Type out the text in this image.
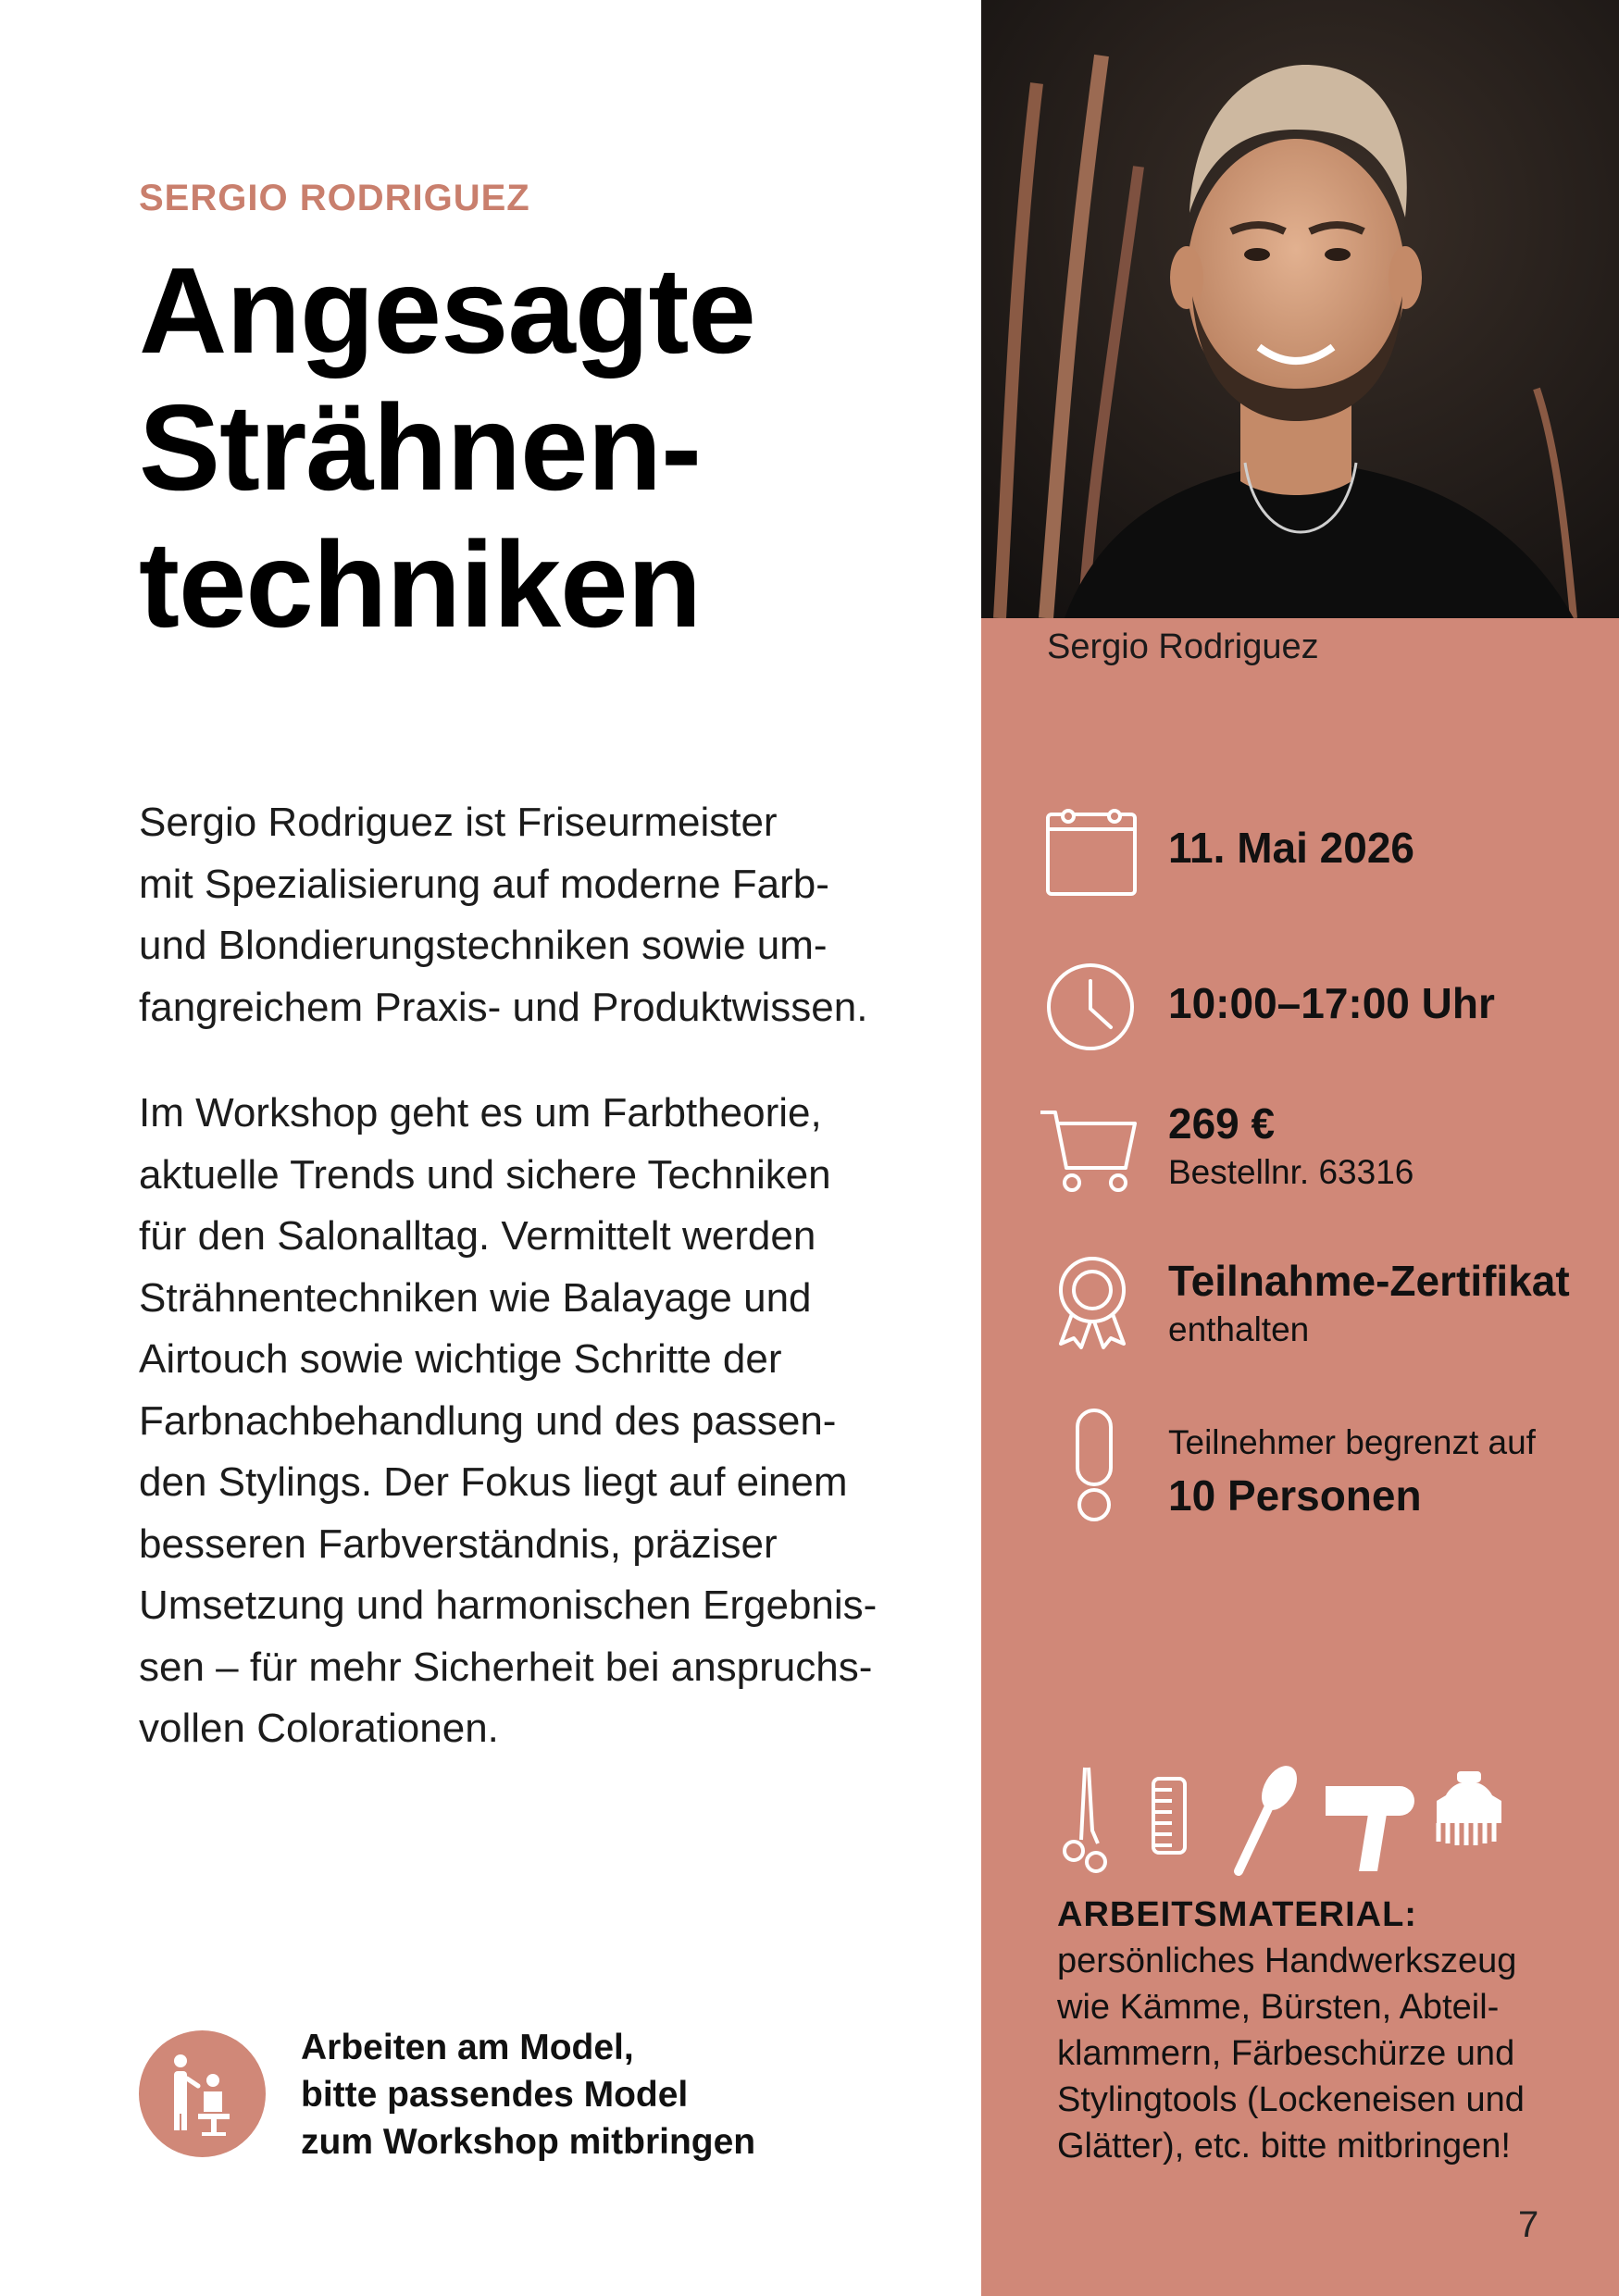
SERGIO RODRIGUEZ
Angesagte
Strähnen-
techniken
Sergio Rodriguez ist Friseurmeister
mit Spezialisierung auf moderne Farb-
und Blondierungstechniken sowie um-
fangreichem Praxis- und Produktwissen.
Im Workshop geht es um Farbtheorie,
aktuelle Trends und sichere Techniken
für den Salonalltag. Vermittelt werden
Strähnentechniken wie Balayage und
Airtouch sowie wichtige Schritte der
Farbnachbehandlung und des passen-
den Stylings. Der Fokus liegt auf einem
besseren Farbverständnis, präziser
Umsetzung und harmonischen Ergebnis-
sen – für mehr Sicherheit bei anspruchs-
vollen Colorationen.
Arbeiten am Model,
bitte passendes Model
zum Workshop mitbringen
Sergio Rodriguez
11. Mai 2026
10:00–17:00 Uhr
269 €
Bestellnr. 63316
Teilnahme-Zertifikat
enthalten
Teilnehmer begrenzt auf
10 Personen
ARBEITSMATERIAL:
persönliches Handwerkszeug
wie Kämme, Bürsten, Abteil-
klammern, Färbeschürze und
Stylingtools (Lockeneisen und
Glätter), etc. bitte mitbringen!
7
